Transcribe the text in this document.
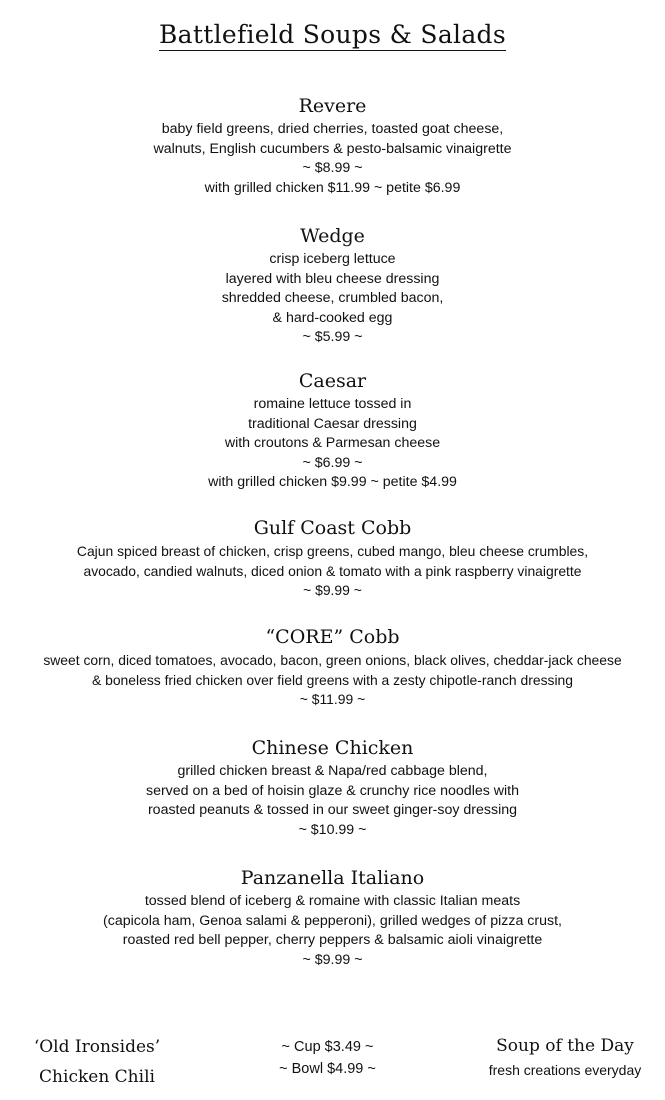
Battlefield Soups & Salads
Revere
baby field greens, dried cherries, toasted goat cheese,
walnuts, English cucumbers & pesto-balsamic vinaigrette
~ $8.99 ~
with grilled chicken $11.99 ~ petite $6.99
Wedge
crisp iceberg lettuce
layered with bleu cheese dressing
shredded cheese, crumbled bacon,
& hard-cooked egg
~ $5.99 ~
Caesar
romaine lettuce tossed in
traditional Caesar dressing
with croutons & Parmesan cheese
~ $6.99 ~
with grilled chicken $9.99 ~ petite $4.99
Gulf Coast Cobb
Cajun spiced breast of chicken, crisp greens, cubed mango, bleu cheese crumbles,
avocado, candied walnuts, diced onion & tomato with a pink raspberry vinaigrette
~ $9.99 ~
“CORE” Cobb
sweet corn, diced tomatoes, avocado, bacon, green onions, black olives, cheddar-jack cheese
& boneless fried chicken over field greens with a zesty chipotle-ranch dressing
~ $11.99 ~
Chinese Chicken
grilled chicken breast & Napa/red cabbage blend,
served on a bed of hoisin glaze & crunchy rice noodles with
roasted peanuts & tossed in our sweet ginger-soy dressing
~ $10.99 ~
Panzanella Italiano
tossed blend of iceberg & romaine with classic Italian meats
(capicola ham, Genoa salami & pepperoni), grilled wedges of pizza crust,
roasted red bell pepper, cherry peppers & balsamic aioli vinaigrette
~ $9.99 ~
‘Old Ironsides’
Chicken Chili
~ Cup $3.49 ~
~ Bowl $4.99 ~
Soup of the Day
fresh creations everyday
